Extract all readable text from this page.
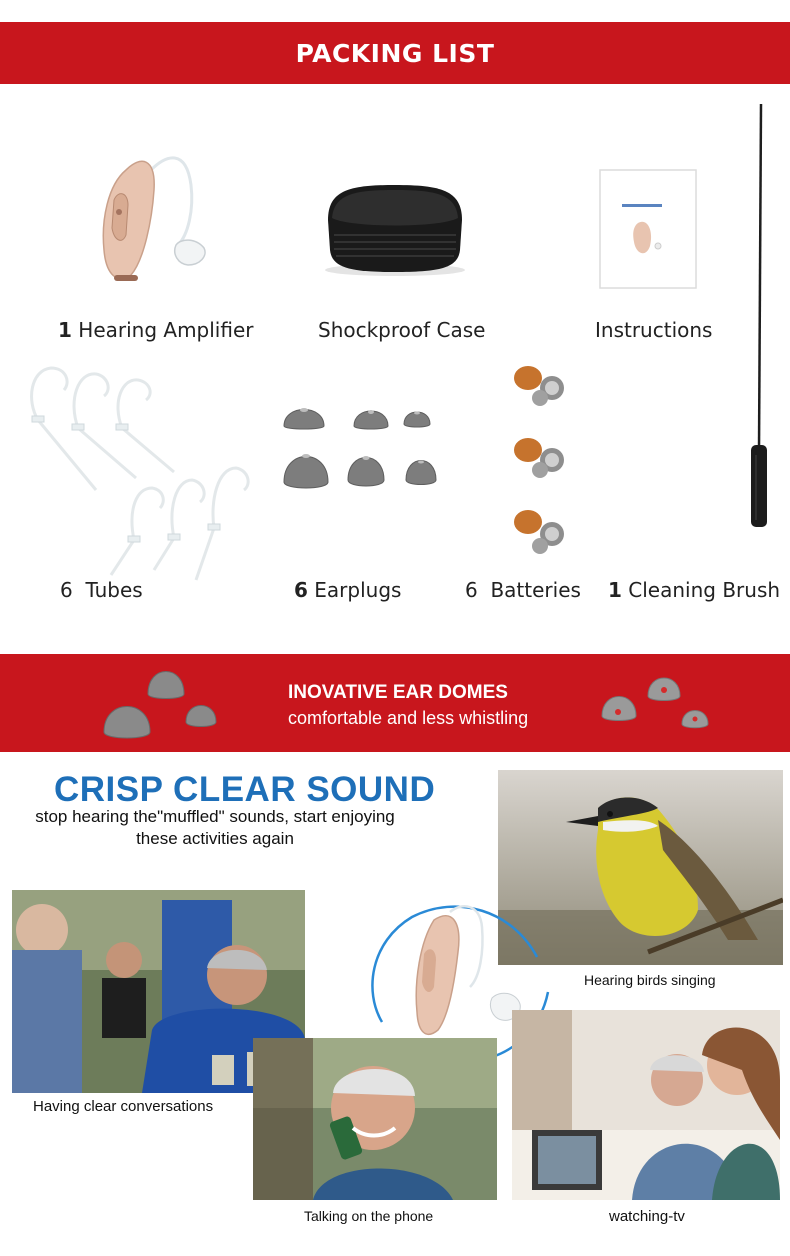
PACKING LIST
1 Hearing Amplifier	Shockproof Case	Instructions
6 Tubes	6 Earplugs	6 Batteries 1 Cleaning Brush
INOVATIVE EAR DOMES
comfortable and less whistling
CRISP CLEAR SOUND
stop hearing the"muffled" sounds, start enjoying these activities again
Hearing birds singing
Having clear conversations
Talking on the phone	watching-tv
